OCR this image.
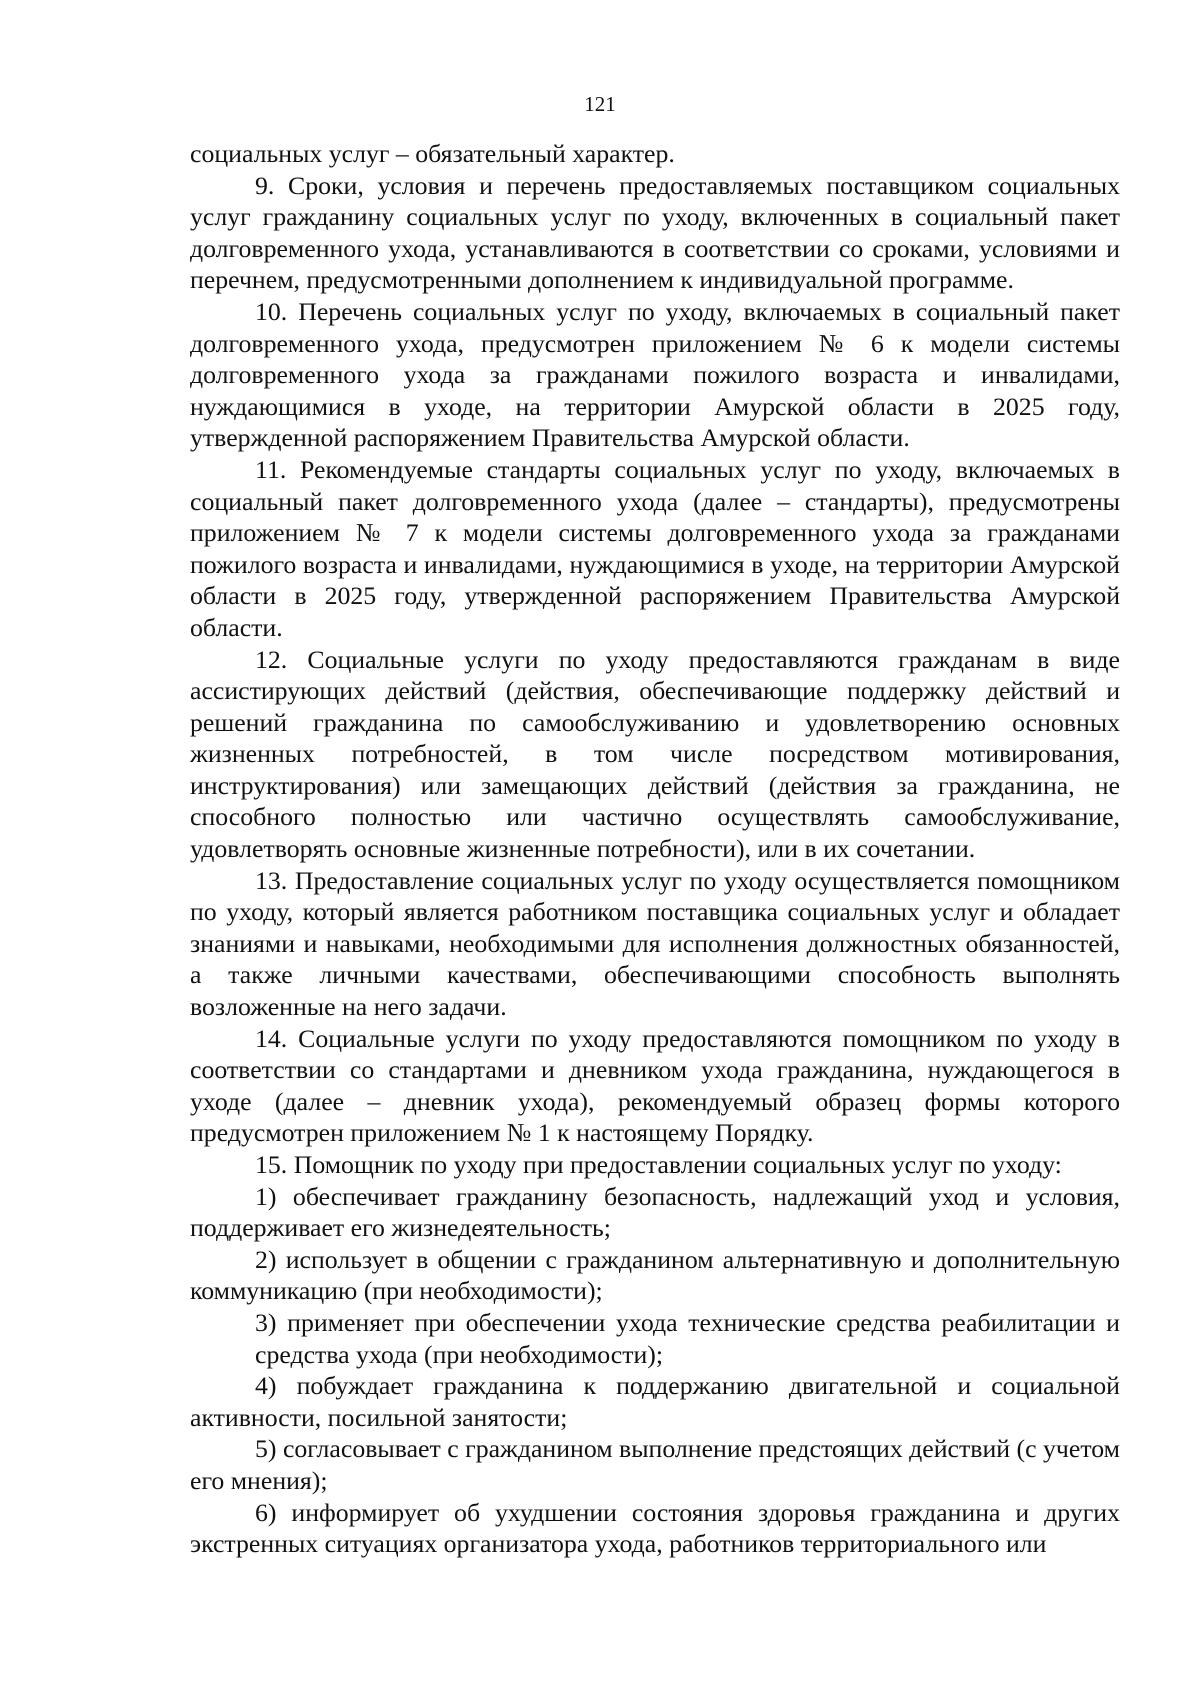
121

социальных услуг – обязательный характер.

9. Сроки, условия и перечень предоставляемых поставщиком социальных услуг гражданину социальных услуг по уходу, включенных в социальный пакет долговременного ухода, устанавливаются в соответствии со сроками, условиями и перечнем, предусмотренными дополнением к индивидуальной программе.

10. Перечень социальных услуг по уходу, включаемых в социальный пакет долговременного ухода, предусмотрен приложением № 6 к модели системы долговременного ухода за гражданами пожилого возраста и инвалидами, нуждающимися в уходе, на территории Амурской области в 2025 году, утвержденной распоряжением Правительства Амурской области.

11. Рекомендуемые стандарты социальных услуг по уходу, включаемых в социальный пакет долговременного ухода (далее – стандарты), предусмотрены приложением № 7 к модели системы долговременного ухода за гражданами пожилого возраста и инвалидами, нуждающимися в уходе, на территории Амурской области в 2025 году, утвержденной распоряжением Правительства Амурской области.

12. Социальные услуги по уходу предоставляются гражданам в виде ассистирующих действий (действия, обеспечивающие поддержку действий и решений гражданина по самообслуживанию и удовлетворению основных жизненных потребностей, в том числе посредством мотивирования, инструктирования) или замещающих действий (действия за гражданина, не способного полностью или частично осуществлять самообслуживание, удовлетворять основные жизненные потребности), или в их сочетании.

13. Предоставление социальных услуг по уходу осуществляется помощником по уходу, который является работником поставщика социальных услуг и обладает знаниями и навыками, необходимыми для исполнения должностных обязанностей, а также личными качествами, обеспечивающими способность выполнять возложенные на него задачи.

14. Социальные услуги по уходу предоставляются помощником по уходу в соответствии со стандартами и дневником ухода гражданина, нуждающегося в уходе (далее – дневник ухода), рекомендуемый образец формы которого предусмотрен приложением № 1 к настоящему Порядку.

15. Помощник по уходу при предоставлении социальных услуг по уходу:

1) обеспечивает гражданину безопасность, надлежащий уход и условия, поддерживает его жизнедеятельность;

2) использует в общении с гражданином альтернативную и дополнительную коммуникацию (при необходимости);

3) применяет при обеспечении ухода технические средства реабилитации и средства ухода (при необходимости);

4) побуждает гражданина к поддержанию двигательной и социальной активности, посильной занятости;

5) согласовывает с гражданином выполнение предстоящих действий (с учетом его мнения);

6) информирует об ухудшении состояния здоровья гражданина и других экстренных ситуациях организатора ухода, работников территориального или
